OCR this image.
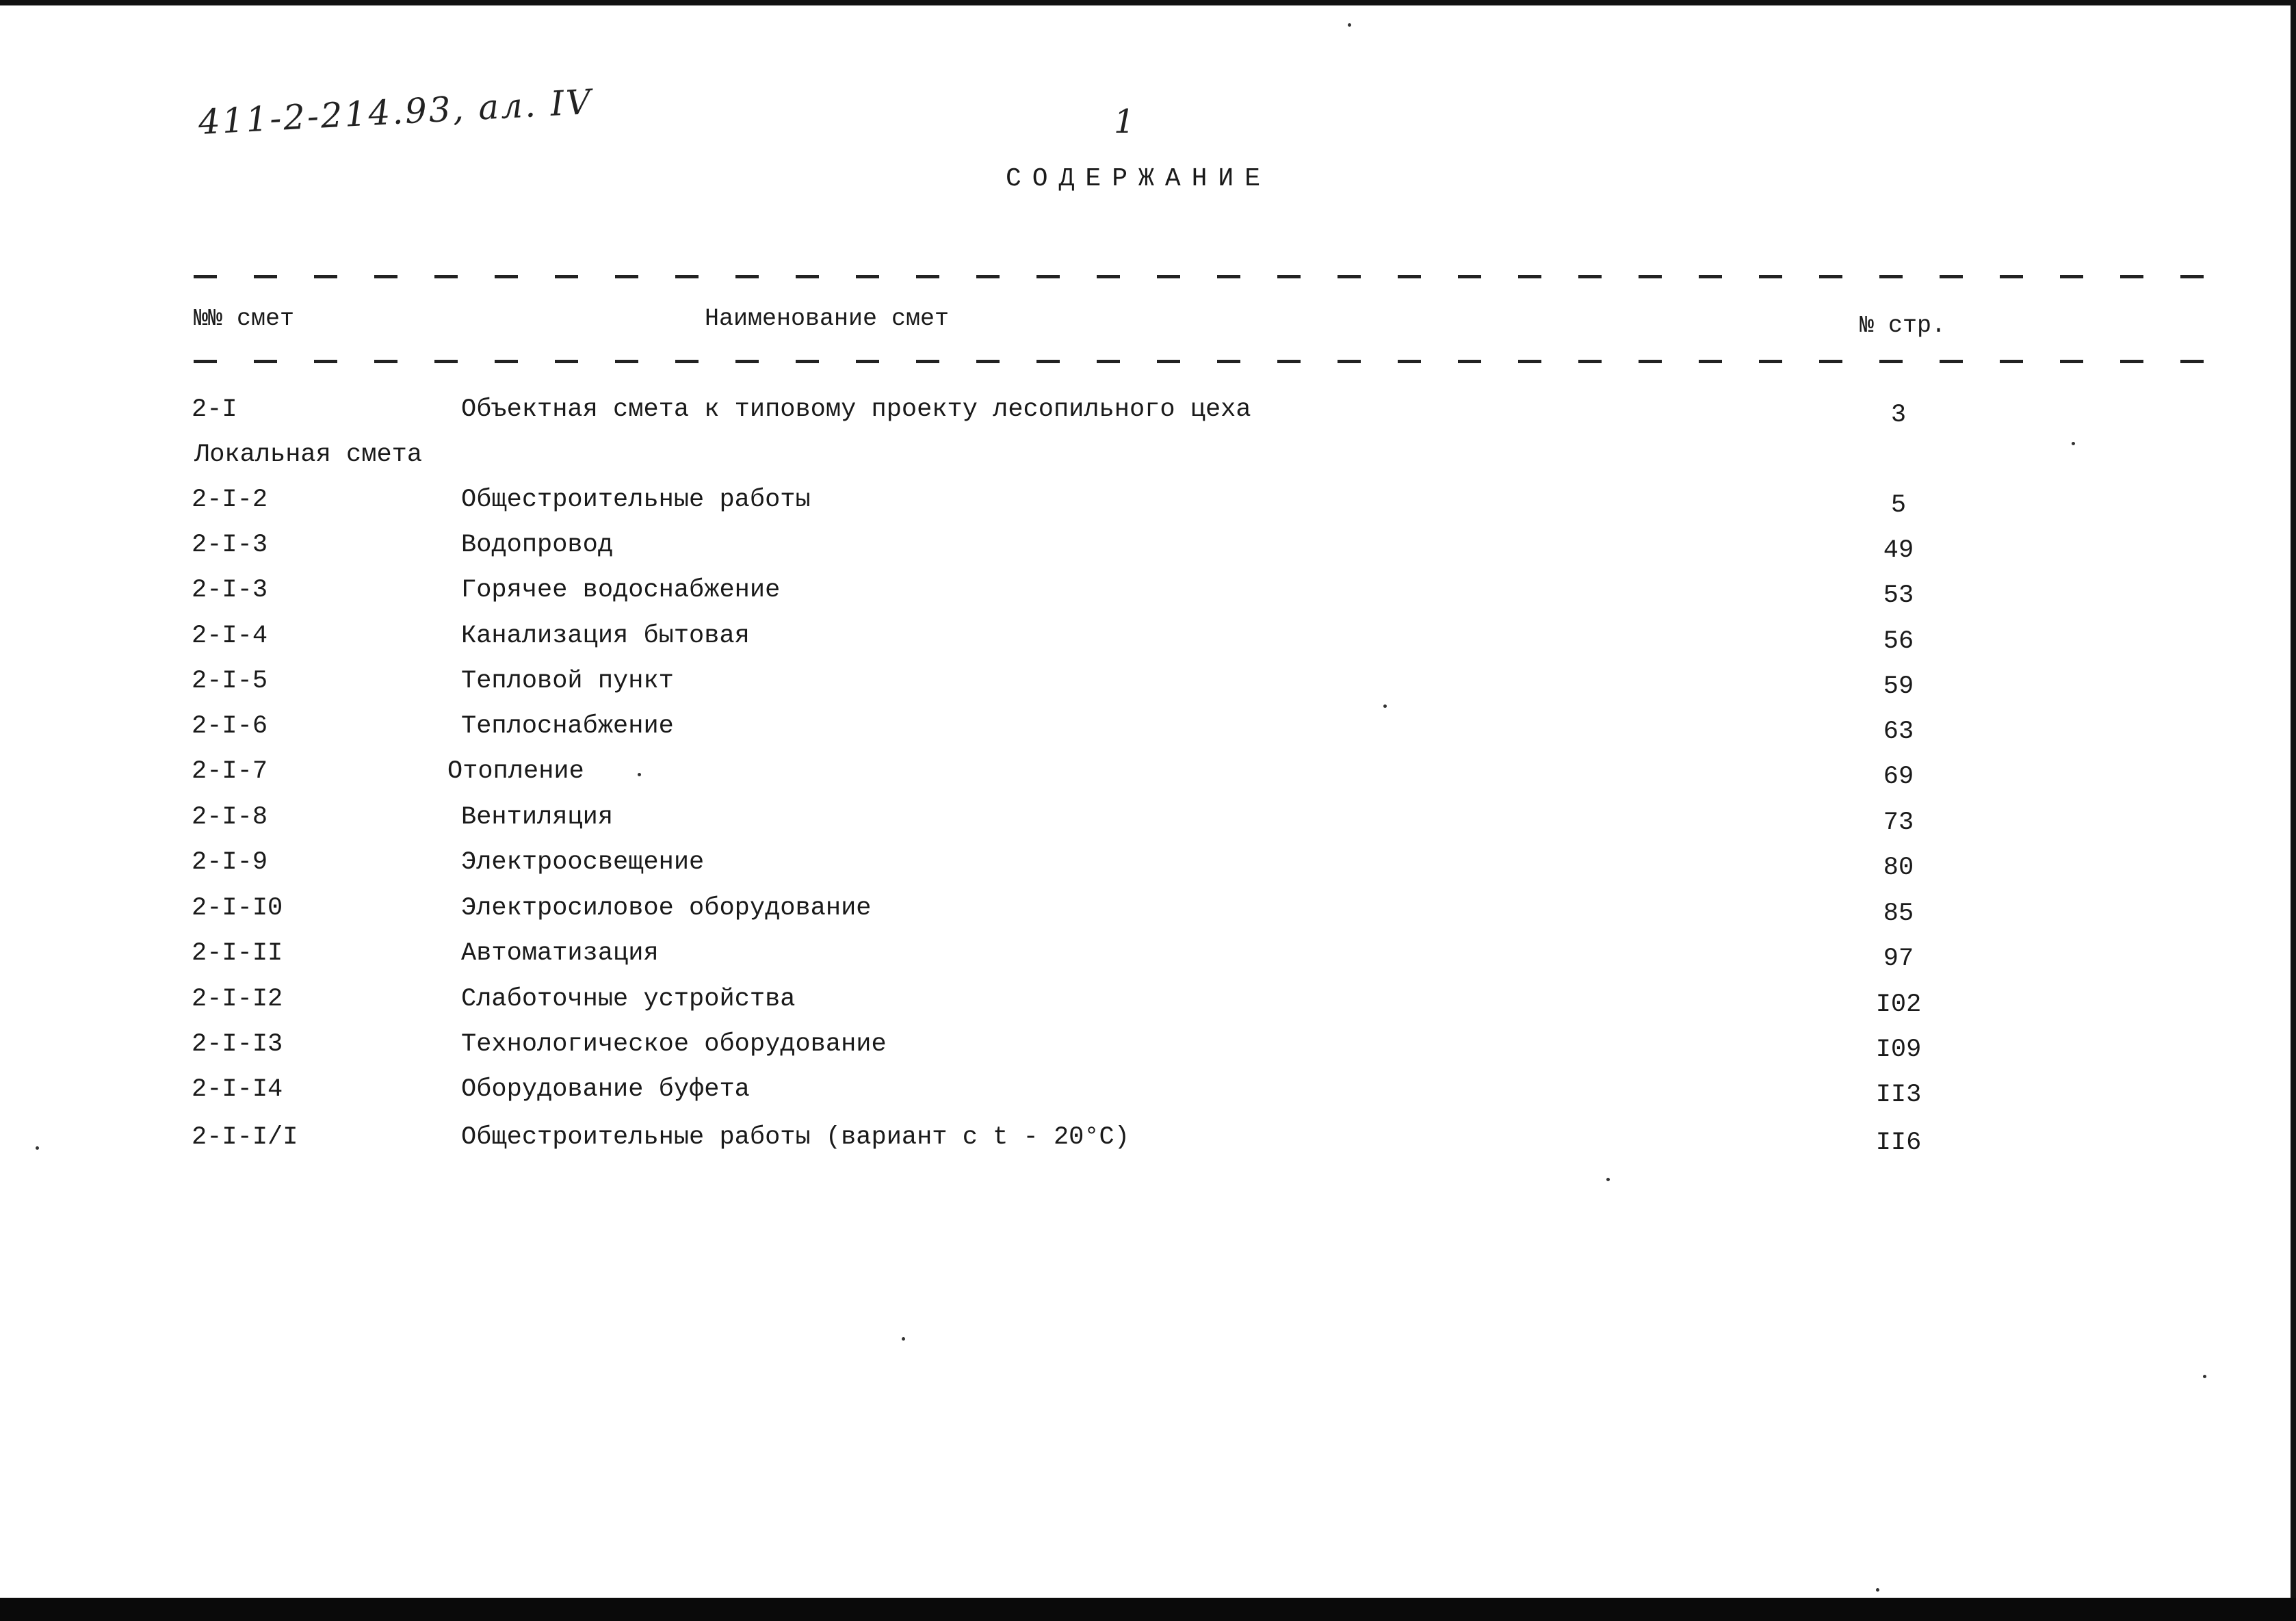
411-2-214.93, ал. IV	1
СОДЕРЖАНИЕ
№№ смет	Наименование смет	№ стр.
Локальная смета
2-I	Объектная смета к типовому проекту лесопильного цеха	3
2-I-2	Общестроительные работы	5
2-I-3	Водопровод	49
2-I-3	Горячее водоснабжение	53
2-I-4	Канализация бытовая	56
2-I-5	Тепловой пункт	59
2-I-6	Теплоснабжение	63
2-I-7	Отопление	69
2-I-8	Вентиляция	73
2-I-9	Электроосвещение	80
2-I-I0	Электросиловое оборудование	85
2-I-II	Автоматизация	97
2-I-I2	Слаботочные устройства	I02
2-I-I3	Технологическое оборудование	I09
2-I-I4	Оборудование буфета	II3
2-I-I/I	Общестроительные работы (вариант с t - 20°C)	II6
